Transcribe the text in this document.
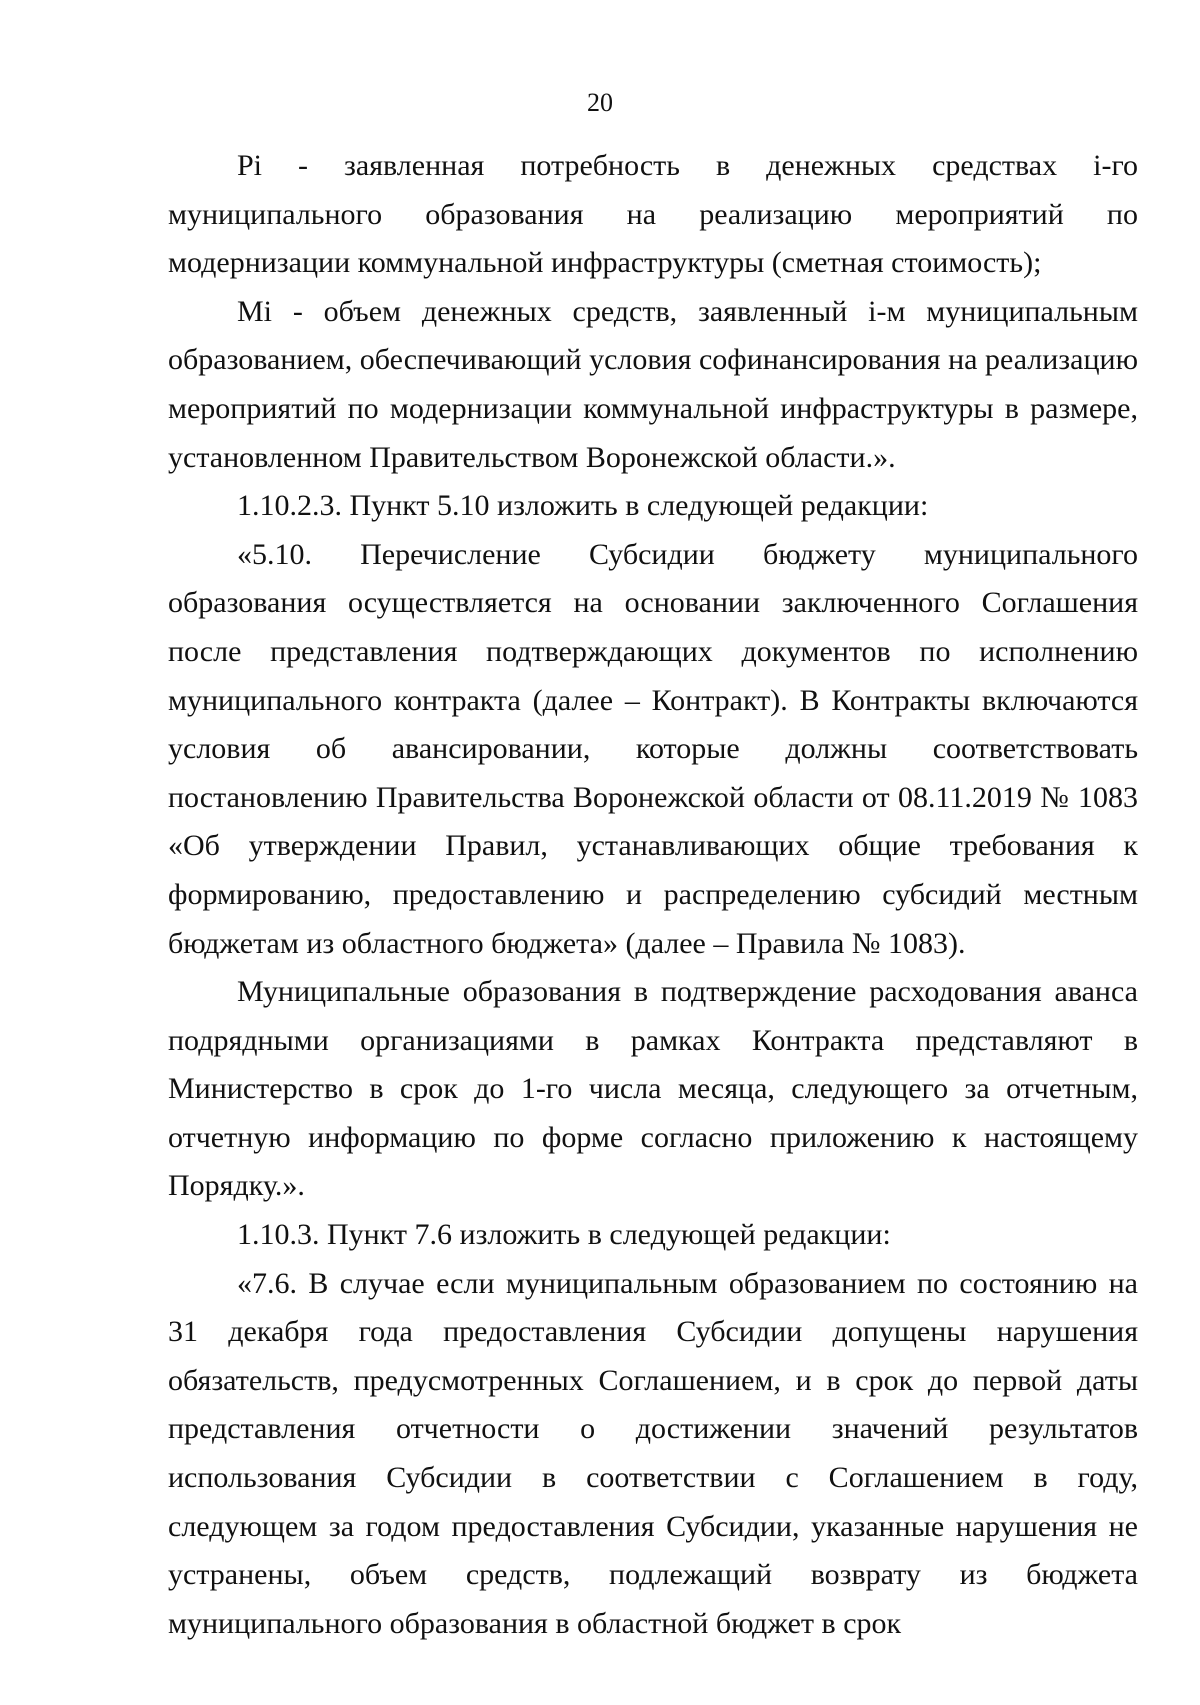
20

Pi - заявленная потребность в денежных средствах i-го муниципального образования на реализацию мероприятий по модернизации коммунальной инфраструктуры (сметная стоимость);

Mi - объем денежных средств, заявленный i-м муниципальным образованием, обеспечивающий условия софинансирования на реализацию мероприятий по модернизации коммунальной инфраструктуры в размере, установленном Правительством Воронежской области.».

1.10.2.3. Пункт 5.10 изложить в следующей редакции:

«5.10. Перечисление Субсидии бюджету муниципального образования осуществляется на основании заключенного Соглашения после представления подтверждающих документов по исполнению муниципального контракта (далее – Контракт). В Контракты включаются условия об авансировании, которые должны соответствовать постановлению Правительства Воронежской области от 08.11.2019 № 1083 «Об утверждении Правил, устанавливающих общие требования к формированию, предоставлению и распределению субсидий местным бюджетам из областного бюджета» (далее – Правила № 1083).

Муниципальные образования в подтверждение расходования аванса подрядными организациями в рамках Контракта представляют в Министерство в срок до 1-го числа месяца, следующего за отчетным, отчетную информацию по форме согласно приложению к настоящему Порядку.».

1.10.3. Пункт 7.6 изложить в следующей редакции:

«7.6. В случае если муниципальным образованием по состоянию на 31 декабря года предоставления Субсидии допущены нарушения обязательств, предусмотренных Соглашением, и в срок до первой даты представления отчетности о достижении значений результатов использования Субсидии в соответствии с Соглашением в году, следующем за годом предоставления Субсидии, указанные нарушения не устранены, объем средств, подлежащий возврату из бюджета муниципального образования в областной бюджет в срок
